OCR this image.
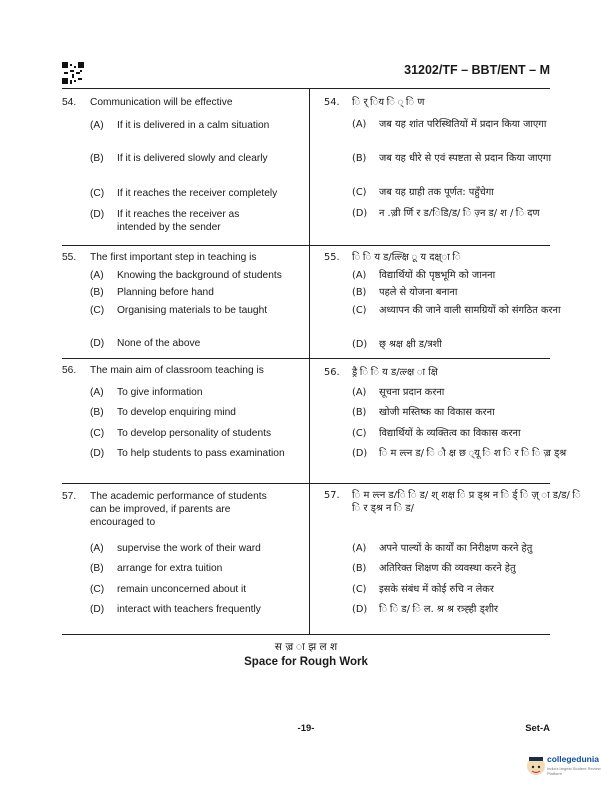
31202/TF – BBT/ENT – M
54. Communication will be effective
(A) If it is delivered in a calm situation
(B) If it is delivered slowly and clearly
(C) If it reaches the receiver completely
(D) If it reaches the receiver as intended by the sender
55. The first important step in teaching is
(A) Knowing the background of students
(B) Planning before hand
(C) Organising materials to be taught
(D) None of the above
56. The main aim of classroom teaching is
(A) To give information
(B) To develop enquiring mind
(C) To develop personality of students
(D) To help students to pass examination
57. The academic performance of students can be improved, if parents are encouraged to
(A) supervise the work of their ward
(B) arrange for extra tuition
(C) remain unconcerned about it
(D) interact with teachers frequently
54. ि र् िय ि ् ि ण
(A) जब यह शांत परिस्थितियों में प्रदान किया जाएगा
(B) जब यह धीरे से एवं स्पष्टता से प्रदान किया जाएगा
(C) जब यह ग्राही तक पूर्णत: पहुँचेगा
(D) न .ज़्री र्णि र ड/िडि/ड/ ि ज़्न ड/ श / ि दण
55. ि ि य ड/त्ल्क्षि ू य दक्ष्ा ि
(A) विद्यार्थियों की पृष्ठभूमि को जानना
(B) पहले से योजना बनाना
(C) अध्यापन की जाने वाली सामग्रियों को संगठित करना
(D) छ् श्रक्ष क्षी ड/त्रशी
56. ड्रै ि ि य ड/त्ल्क्ष ा क्षि
(A) सूचना प्रदान करना
(B) खोजी मस्तिष्क का विकास करना
(C) विद्यार्थियों के व्यक्तित्व का विकास करना
(D) ि म ल्त्न ड/ ि ौ क्ष छ ्यू ि श ि र ि ि ज़्र ड्श्र
57. ि म ल्त्न ड/ि ि ड/ श् शक्ष ि प्र ड्श्र न ि र्ड् ि ज़् ा ड/ड/ ि ि र ड्श्र न ि ड/
(A) अपने पाल्यों के कार्यों का निरीक्षण करने हेतु
(B) अतिरिक्त शिक्षण की व्यवस्था करने हेतु
(C) इसके संबंध में कोई रुचि न लेकर
(D) ि ि ड/ ि ल. श्र श्र रत्र्ह्ही ड्शीर
स ज़्र ा झ ल श
Space for Rough Work
-19-	Set-A
collegedunia
India's largest Student Review Platform
